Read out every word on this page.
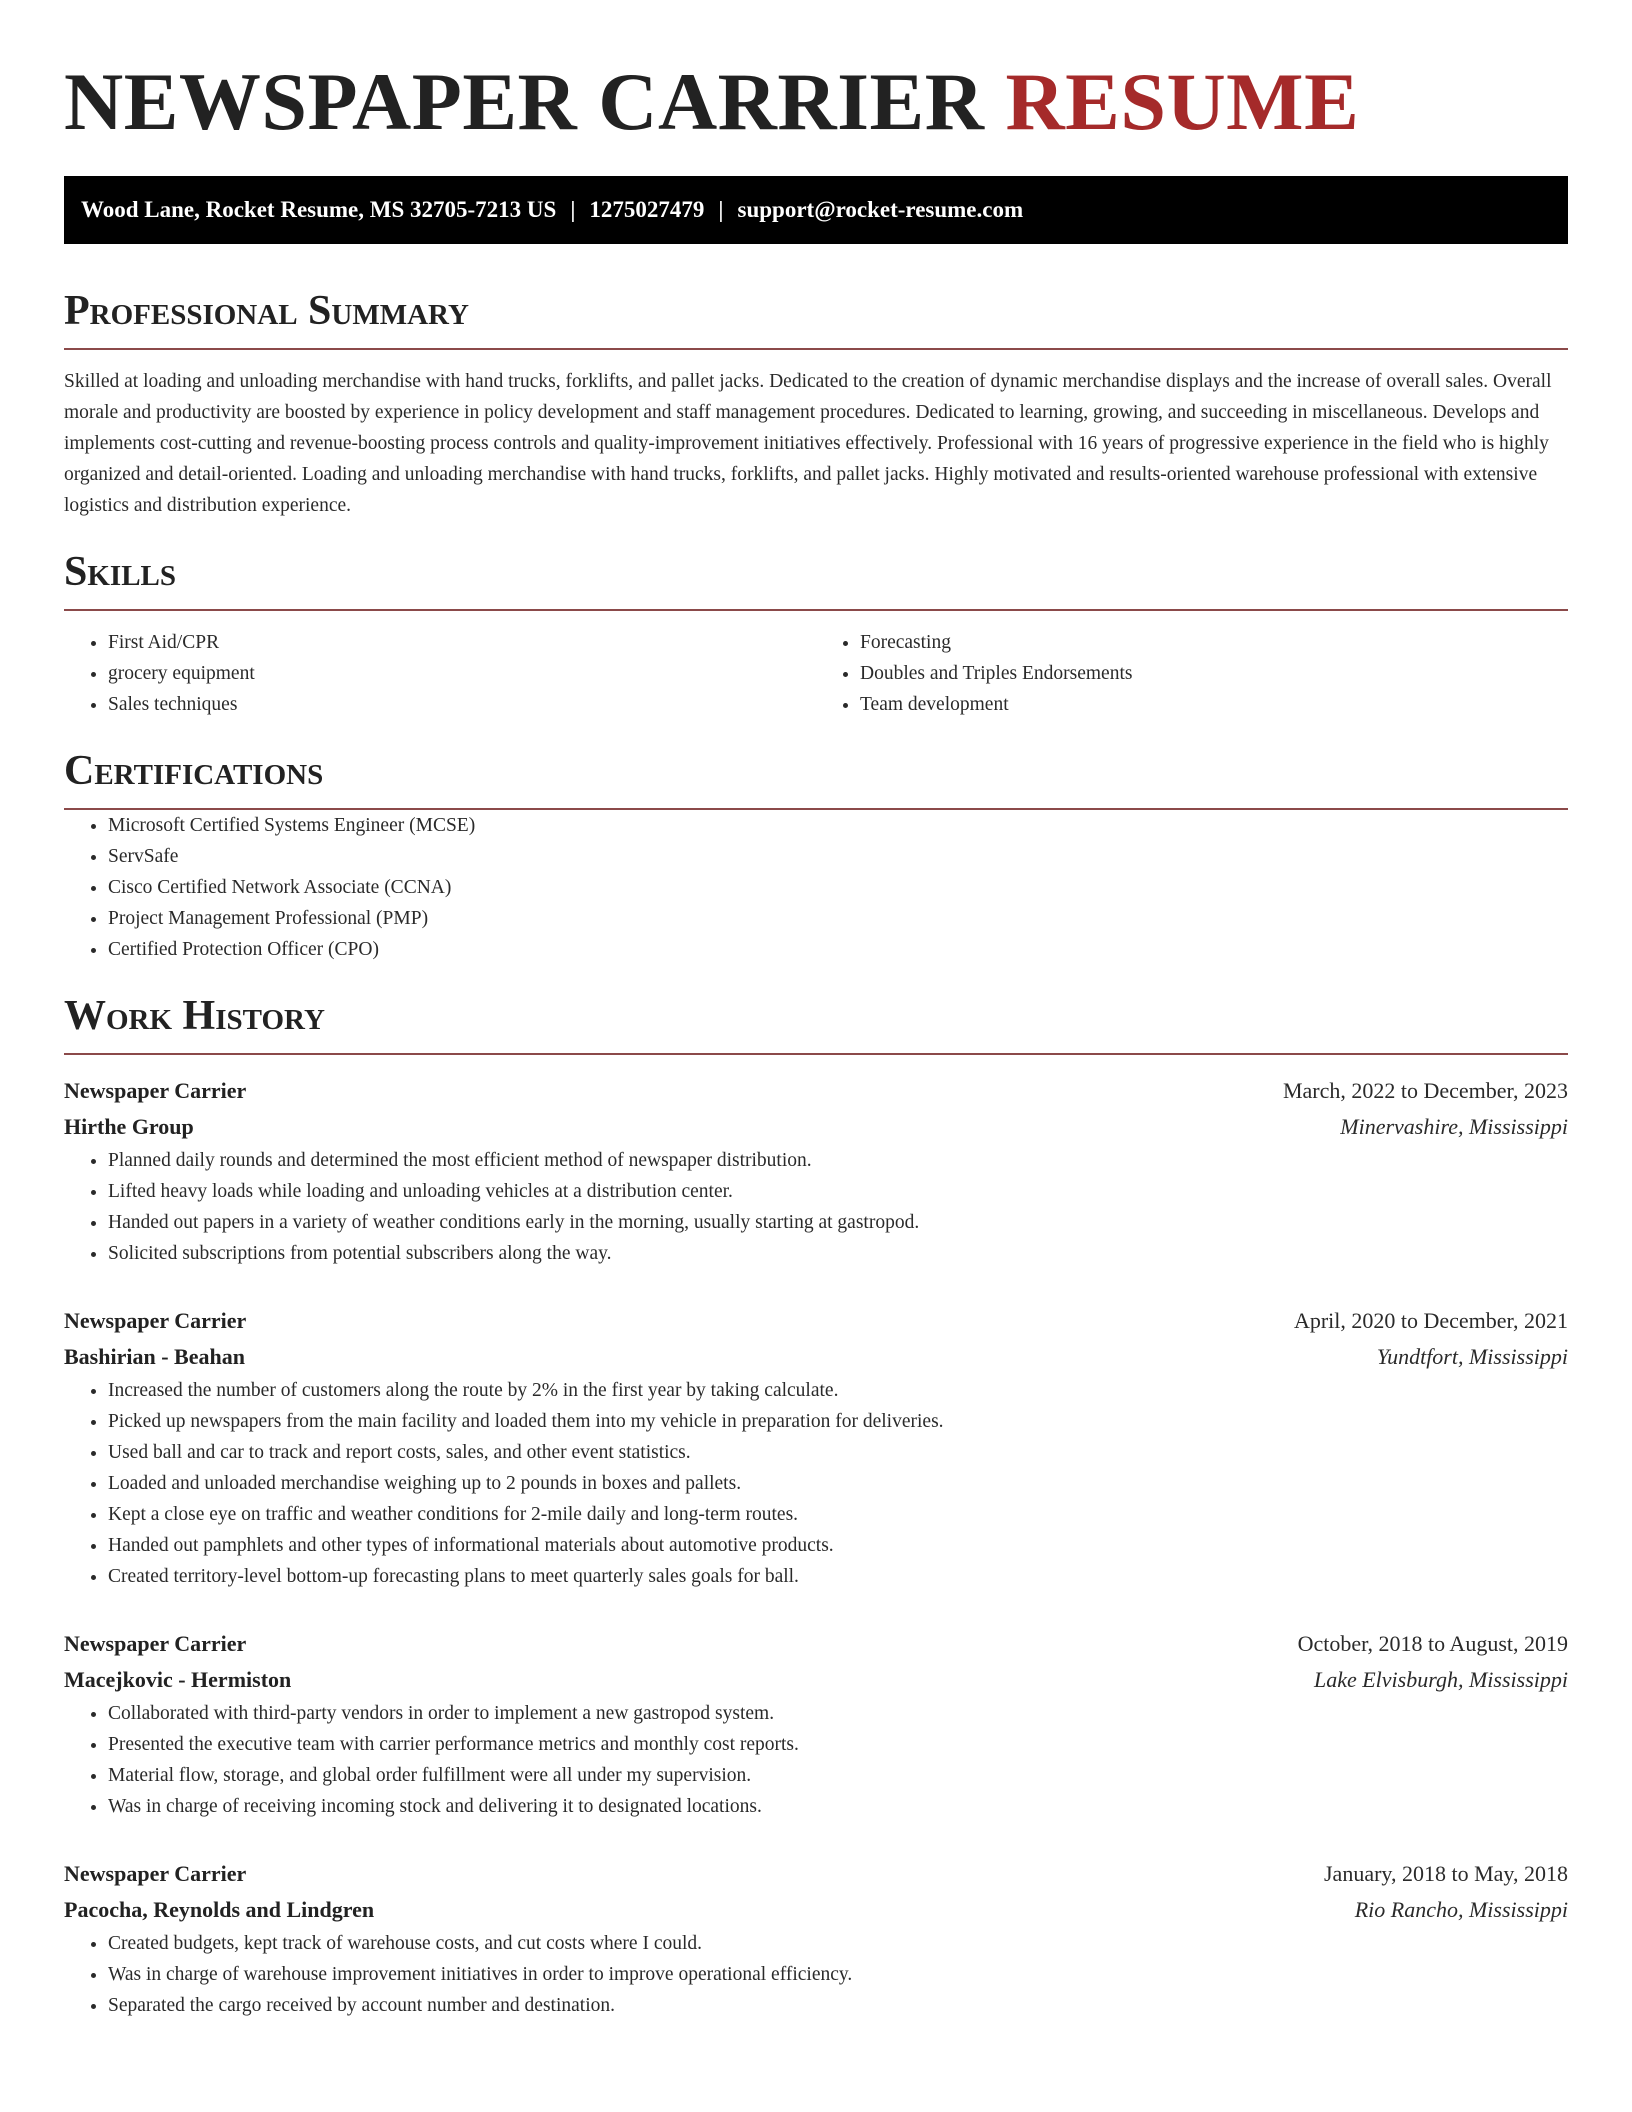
NEWSPAPER CARRIER RESUME
Wood Lane, Rocket Resume, MS 32705-7213 US | 1275027479 | support@rocket-resume.com
Professional Summary

Skilled at loading and unloading merchandise with hand trucks, forklifts, and pallet jacks. Dedicated to the creation of dynamic merchandise displays and the increase of overall sales. Overall morale and productivity are boosted by experience in policy development and staff management procedures. Dedicated to learning, growing, and succeeding in miscellaneous. Develops and implements cost-cutting and revenue-boosting process controls and quality-improvement initiatives effectively. Professional with 16 years of progressive experience in the field who is highly organized and detail-oriented. Loading and unloading merchandise with hand trucks, forklifts, and pallet jacks. Highly motivated and results-oriented warehouse professional with extensive logistics and distribution experience.

Skills
• First Aid/CPR
• grocery equipment
• Sales techniques
• Forecasting
• Doubles and Triples Endorsements
• Team development
Certifications
• Microsoft Certified Systems Engineer (MCSE)
• ServSafe
• Cisco Certified Network Associate (CCNA)
• Project Management Professional (PMP)
• Certified Protection Officer (CPO)
Work History
Newspaper Carrier	March, 2022 to December, 2023
Hirthe Group	Minervashire, Mississippi
• Planned daily rounds and determined the most efficient method of newspaper distribution.
• Lifted heavy loads while loading and unloading vehicles at a distribution center.
• Handed out papers in a variety of weather conditions early in the morning, usually starting at gastropod.
• Solicited subscriptions from potential subscribers along the way.
Newspaper Carrier	April, 2020 to December, 2021
Bashirian - Beahan	Yundtfort, Mississippi
• Increased the number of customers along the route by 2% in the first year by taking calculate.
• Picked up newspapers from the main facility and loaded them into my vehicle in preparation for deliveries.
• Used ball and car to track and report costs, sales, and other event statistics.
• Loaded and unloaded merchandise weighing up to 2 pounds in boxes and pallets.
• Kept a close eye on traffic and weather conditions for 2-mile daily and long-term routes.
• Handed out pamphlets and other types of informational materials about automotive products.
• Created territory-level bottom-up forecasting plans to meet quarterly sales goals for ball.
Newspaper Carrier	October, 2018 to August, 2019
Macejkovic - Hermiston	Lake Elvisburgh, Mississippi
• Collaborated with third-party vendors in order to implement a new gastropod system.
• Presented the executive team with carrier performance metrics and monthly cost reports.
• Material flow, storage, and global order fulfillment were all under my supervision.
• Was in charge of receiving incoming stock and delivering it to designated locations.
Newspaper Carrier	January, 2018 to May, 2018
Pacocha, Reynolds and Lindgren	Rio Rancho, Mississippi
• Created budgets, kept track of warehouse costs, and cut costs where I could.
• Was in charge of warehouse improvement initiatives in order to improve operational efficiency.
• Separated the cargo received by account number and destination.
